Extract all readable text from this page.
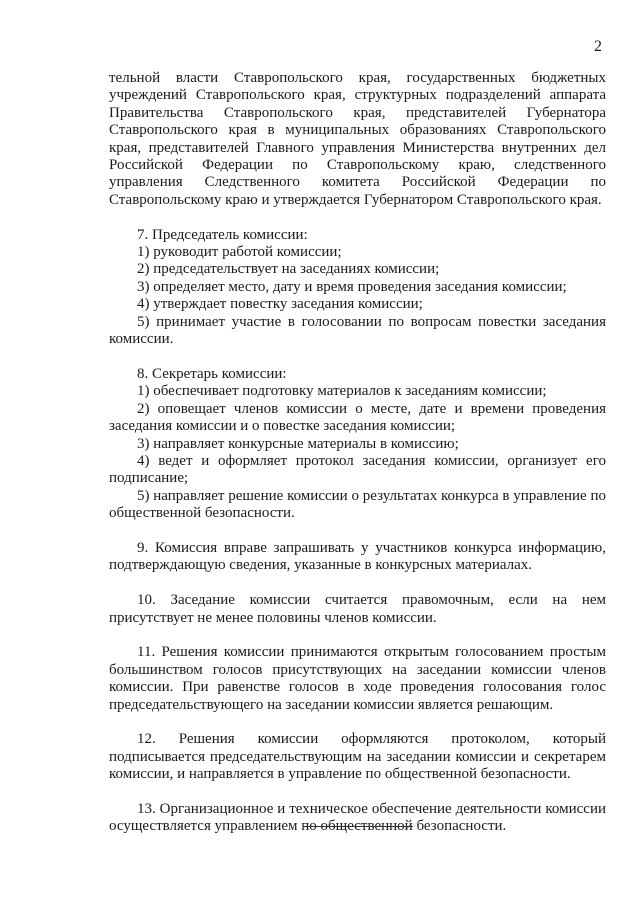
2

тельной власти Ставропольского края, государственных бюджетных учреждений Ставропольского края, структурных подразделений аппарата Правительства Ставропольского края, представителей Губернатора Ставропольского края в муниципальных образованиях Ставропольского края, представителей Главного управления Министерства внутренних дел Российской Федерации по Ставропольскому краю, следственного управления Следственного комитета Российской Федерации по Ставропольскому краю и утверждается Губернатором Ставропольского края.

7. Председатель комиссии:

1) руководит работой комиссии;

2) председательствует на заседаниях комиссии;

3) определяет место, дату и время проведения заседания комиссии;

4) утверждает повестку заседания комиссии;

5) принимает участие в голосовании по вопросам повестки заседания комиссии.

8. Секретарь комиссии:

1) обеспечивает подготовку материалов к заседаниям комиссии;

2) оповещает членов комиссии о месте, дате и времени проведения заседания комиссии и о повестке заседания комиссии;

3) направляет конкурсные материалы в комиссию;

4) ведет и оформляет протокол заседания комиссии, организует его подписание;

5) направляет решение комиссии о результатах конкурса в управление по общественной безопасности.

9. Комиссия вправе запрашивать у участников конкурса информацию, подтверждающую сведения, указанные в конкурсных материалах.

10. Заседание комиссии считается правомочным, если на нем присутствует не менее половины членов комиссии.

11. Решения комиссии принимаются открытым голосованием простым большинством голосов присутствующих на заседании комиссии членов комиссии. При равенстве голосов в ходе проведения голосования голос председательствующего на заседании комиссии является решающим.

12. Решения комиссии оформляются протоколом, который подписывается председательствующим на заседании комиссии и секретарем комиссии, и направляется в управление по общественной безопасности.

13. Организационное и техническое обеспечение деятельности комиссии осуществляется управлением по общественной безопасности.
